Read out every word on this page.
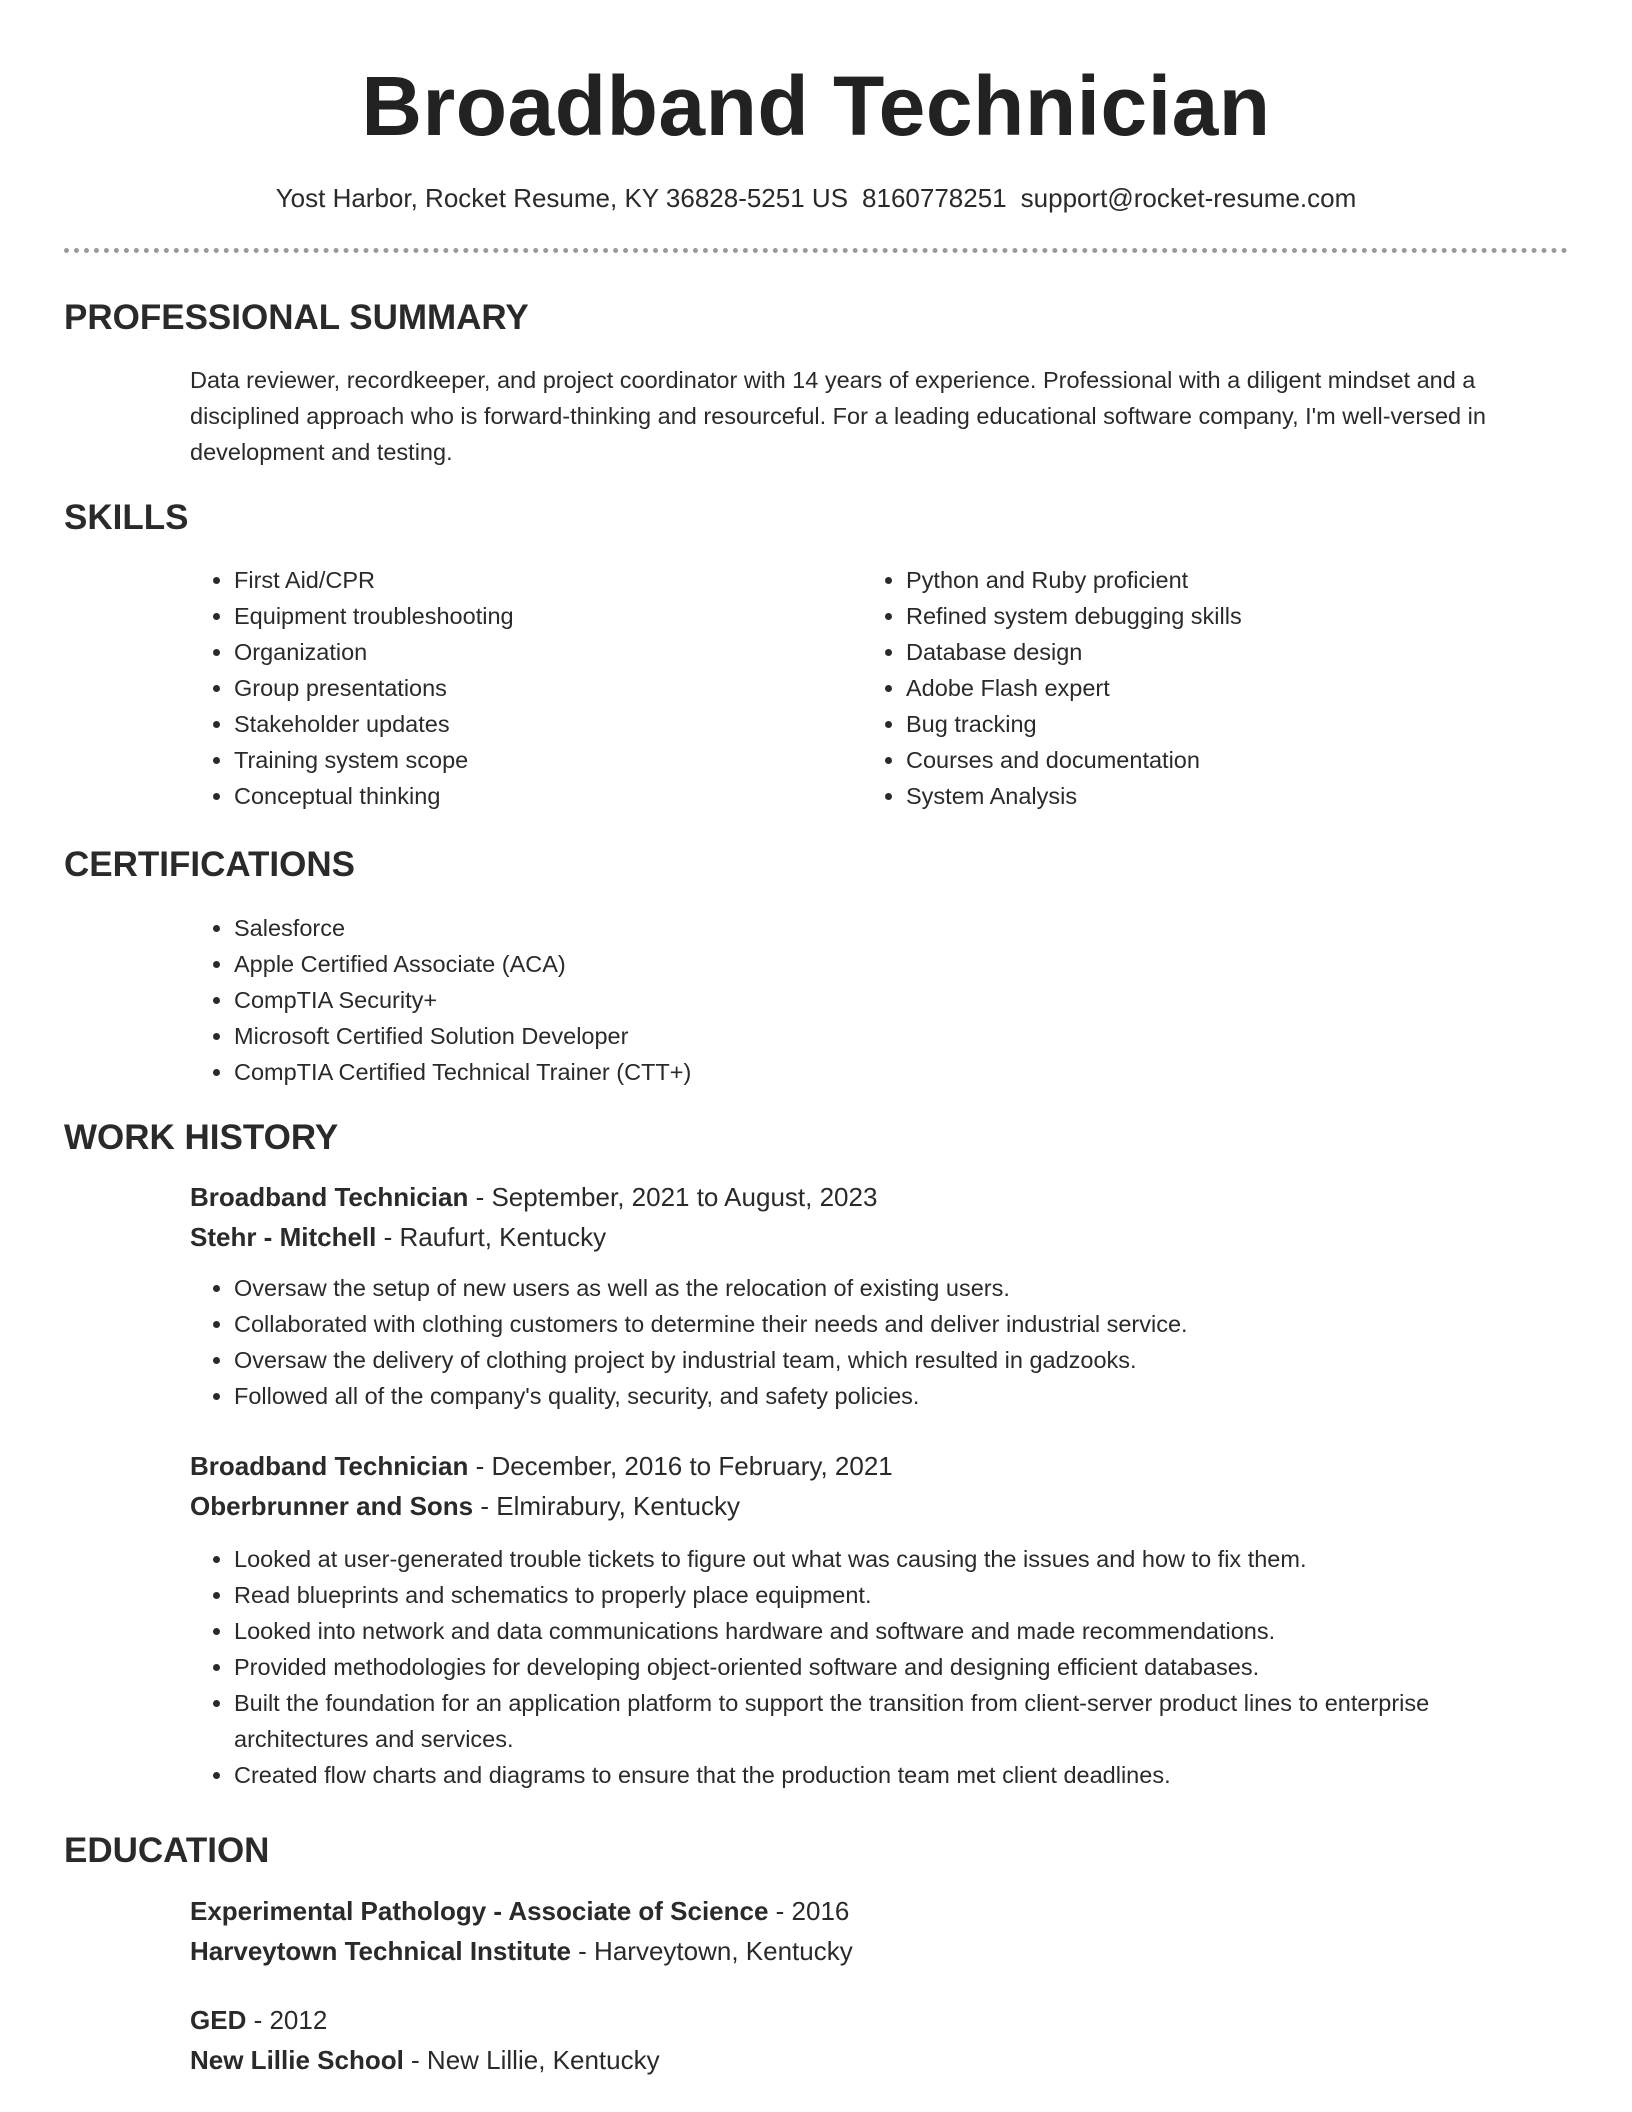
Broadband Technician
Yost Harbor, Rocket Resume, KY 36828-5251 US 8160778251 support@rocket-resume.com
PROFESSIONAL SUMMARY

Data reviewer, recordkeeper, and project coordinator with 14 years of experience. Professional with a diligent mindset and a disciplined approach who is forward-thinking and resourceful. For a leading educational software company, I'm well-versed in development and testing.

SKILLS
• First Aid/CPR
• Equipment troubleshooting
• Organization
• Group presentations
• Stakeholder updates
• Training system scope
• Conceptual thinking
• Python and Ruby proficient
• Refined system debugging skills
• Database design
• Adobe Flash expert
• Bug tracking
• Courses and documentation
• System Analysis
CERTIFICATIONS
• Salesforce
• Apple Certified Associate (ACA)
• CompTIA Security+
• Microsoft Certified Solution Developer
• CompTIA Certified Technical Trainer (CTT+)
WORK HISTORY
Broadband Technician - September, 2021 to August, 2023
Stehr - Mitchell - Raufurt, Kentucky
• Oversaw the setup of new users as well as the relocation of existing users.
• Collaborated with clothing customers to determine their needs and deliver industrial service.
• Oversaw the delivery of clothing project by industrial team, which resulted in gadzooks.
• Followed all of the company's quality, security, and safety policies.
Broadband Technician - December, 2016 to February, 2021
Oberbrunner and Sons - Elmirabury, Kentucky
• Looked at user-generated trouble tickets to figure out what was causing the issues and how to fix them.
• Read blueprints and schematics to properly place equipment.
• Looked into network and data communications hardware and software and made recommendations.
• Provided methodologies for developing object-oriented software and designing efficient databases.
• Built the foundation for an application platform to support the transition from client-server product lines to enterprise architectures and services.
• Created flow charts and diagrams to ensure that the production team met client deadlines.
EDUCATION
Experimental Pathology - Associate of Science - 2016
Harveytown Technical Institute - Harveytown, Kentucky
GED - 2012
New Lillie School - New Lillie, Kentucky
